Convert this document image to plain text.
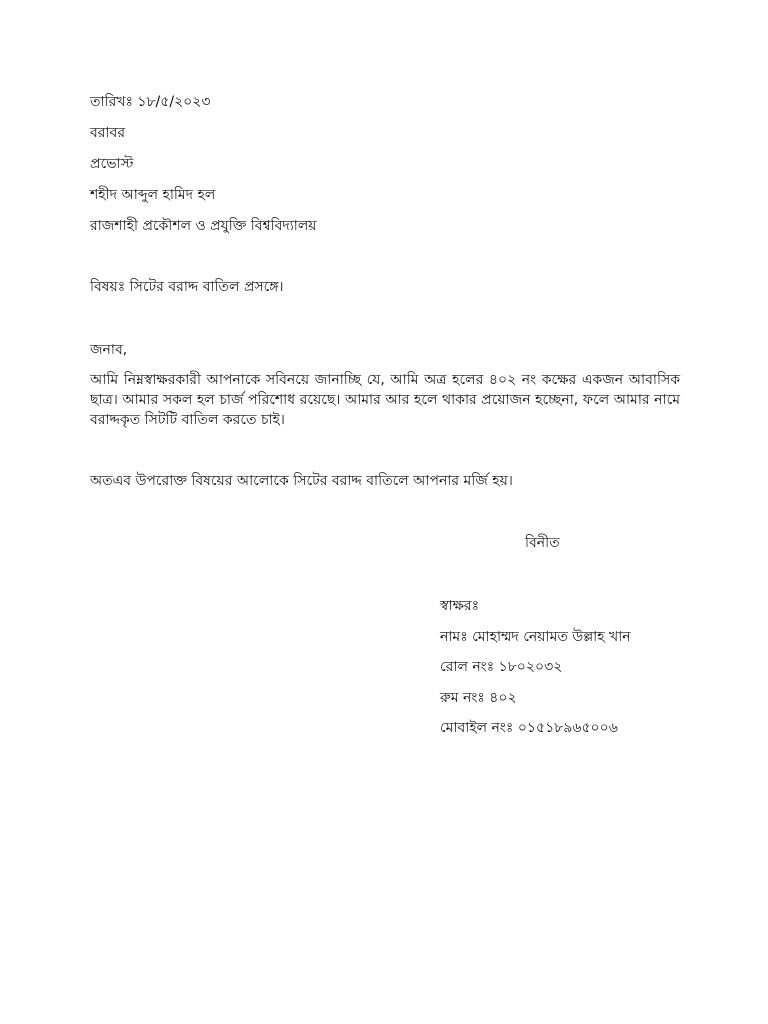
তারিখঃ ১৮/৫/২০২৩
বরাবর
প্রভোস্ট
শহীদ আব্দুল হামিদ হল
রাজশাহী প্রকৌশল ও প্রযুক্তি বিশ্ববিদ্যালয়
বিষয়ঃ সিটের বরাদ্দ বাতিল প্রসঙ্গে।
জনাব,
আমি নিম্নস্বাক্ষরকারী আপনাকে সবিনয়ে জানাচ্ছি যে, আমি অত্র হলের ৪০২ নং কক্ষের একজন আবাসিক ছাত্র। আমার সকল হল চার্জ পরিশোধ রয়েছে। আমার আর হলে থাকার প্রয়োজন হচ্ছেনা, ফলে আমার নামে বরাদ্দকৃত সিটটি বাতিল করতে চাই।
অতএব উপরোক্ত বিষয়ের আলোকে সিটের বরাদ্দ বাতিলে আপনার মর্জি হয়।
বিনীত
স্বাক্ষরঃ
নামঃ মোহাম্মদ নেয়ামত উল্লাহ খান
রোল নংঃ ১৮০২০৩২
রুম নংঃ ৪০২
মোবাইল নংঃ ০১৫১৮৯৬৫০০৬
